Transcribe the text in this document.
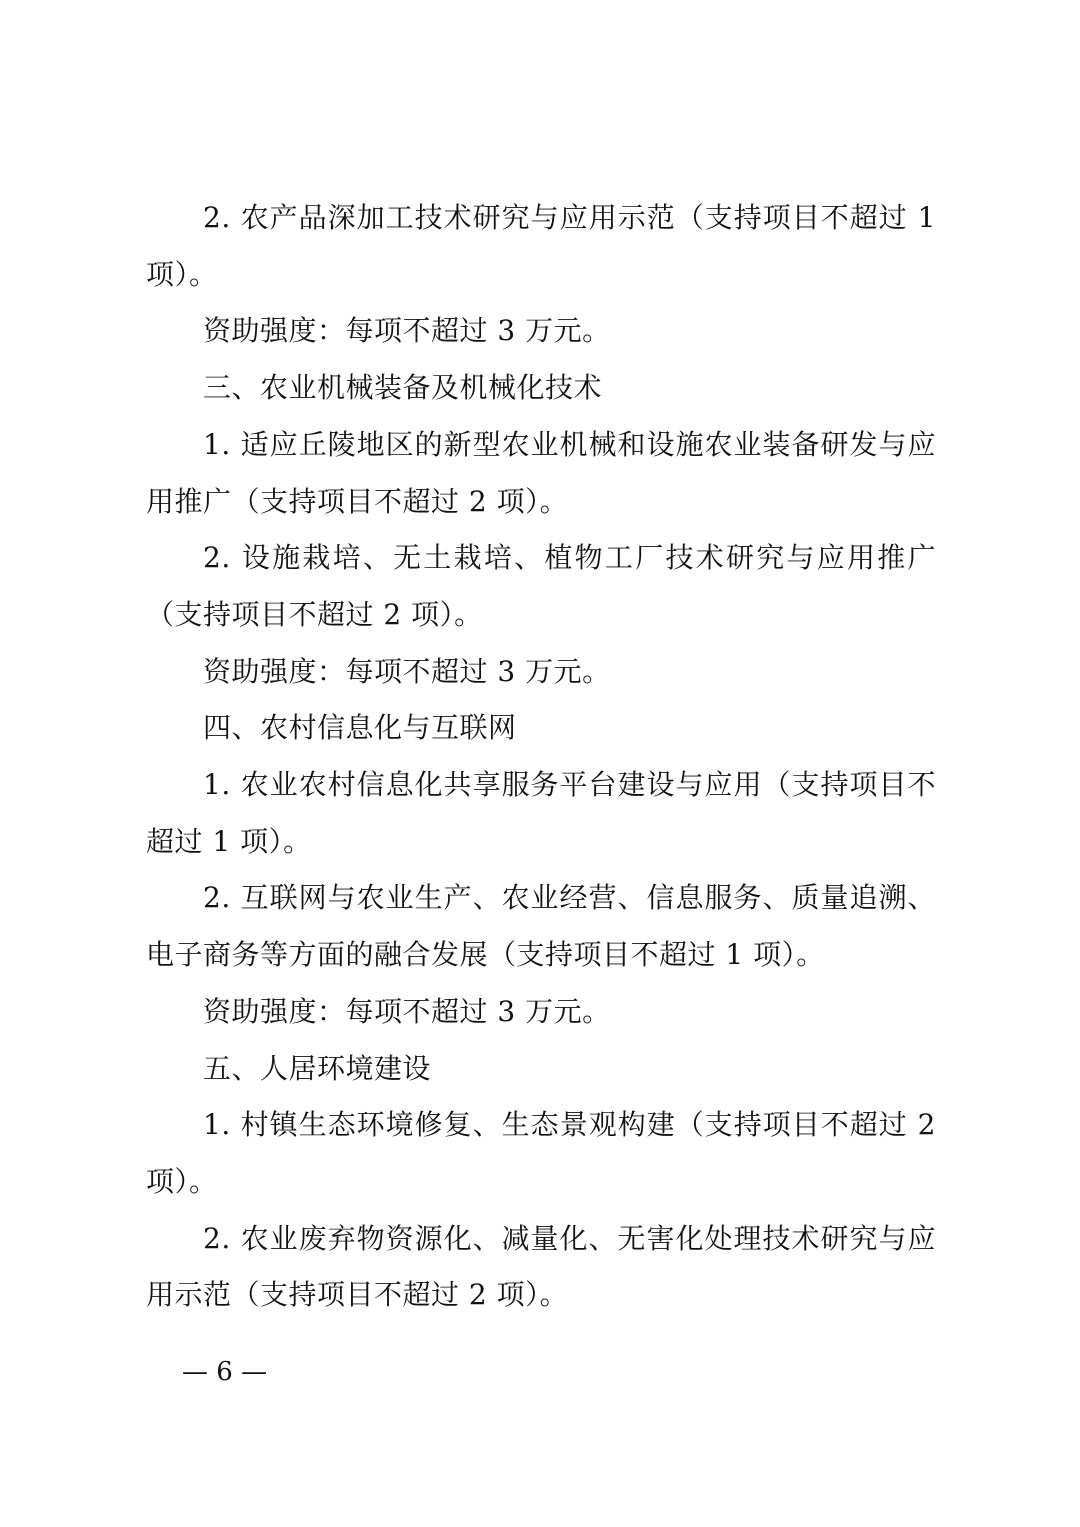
2. 农产品深加工技术研究与应用示范（支持项目不超过 1 项）。

资助强度：每项不超过 3 万元。

三、农业机械装备及机械化技术

1. 适应丘陵地区的新型农业机械和设施农业装备研发与应用推广（支持项目不超过 2 项）。

2. 设施栽培、无土栽培、植物工厂技术研究与应用推广（支持项目不超过 2 项）。

资助强度：每项不超过 3 万元。

四、农村信息化与互联网

1. 农业农村信息化共享服务平台建设与应用（支持项目不超过 1 项）。

2. 互联网与农业生产、农业经营、信息服务、质量追溯、电子商务等方面的融合发展（支持项目不超过 1 项）。

资助强度：每项不超过 3 万元。

五、人居环境建设

1. 村镇生态环境修复、生态景观构建（支持项目不超过 2 项）。

2. 农业废弃物资源化、减量化、无害化处理技术研究与应用示范（支持项目不超过 2 项）。

— 6 —
